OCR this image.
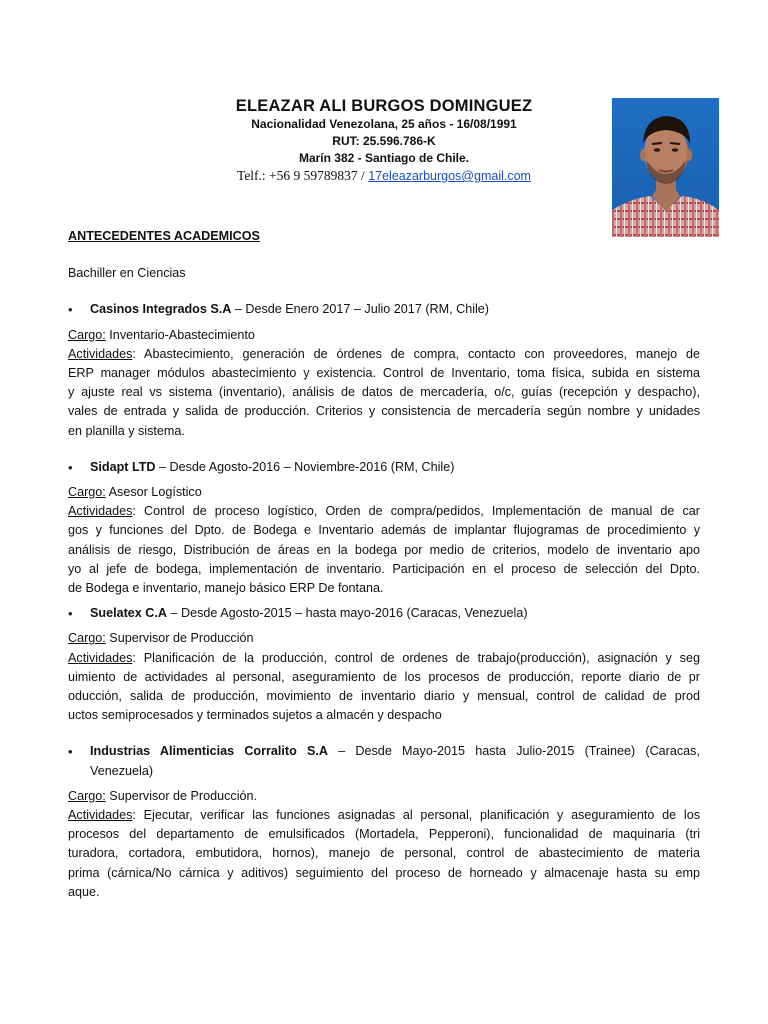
ELEAZAR ALI BURGOS DOMINGUEZ
Nacionalidad Venezolana, 25 años - 16/08/1991
RUT: 25.596.786-K
Marín 382 - Santiago de Chile.
Telf.: +56 9 59789837 / 17eleazarburgos@gmail.com
ANTECEDENTES ACADEMICOS
Bachiller en Ciencias
• Casinos Integrados S.A – Desde Enero 2017 – Julio 2017 (RM, Chile)
Cargo: Inventario-Abastecimiento
Actividades: Abastecimiento, generación de órdenes de compra, contacto con proveedores, manejo de
ERP manager módulos abastecimiento y existencia. Control de Inventario, toma física, subida en sistema
y ajuste real vs sistema (inventario), análisis de datos de mercadería, o/c, guías (recepción y despacho),
vales de entrada y salida de producción. Criterios y consistencia de mercadería según nombre y unidades
en planilla y sistema.
• Sidapt LTD – Desde Agosto-2016 – Noviembre-2016 (RM, Chile)
Cargo: Asesor Logístico
Actividades: Control de proceso logístico, Orden de compra/pedidos, Implementación de manual de car
gos y funciones del Dpto. de Bodega e Inventario además de implantar flujogramas de procedimiento y
análisis de riesgo, Distribución de áreas en la bodega por medio de criterios, modelo de inventario apo
yo al jefe de bodega, implementación de inventario. Participación en el proceso de selección del Dpto.
de Bodega e inventario, manejo básico ERP De fontana.
• Suelatex C.A – Desde Agosto-2015 – hasta mayo-2016 (Caracas, Venezuela)
Cargo: Supervisor de Producción
Actividades: Planificación de la producción, control de ordenes de trabajo(producción), asignación y seg
uimiento de actividades al personal, aseguramiento de los procesos de producción, reporte diario de pr
oducción, salida de producción, movimiento de inventario diario y mensual, control de calidad de prod
uctos semiprocesados y terminados sujetos a almacén y despacho
• Industrias Alimenticias Corralito S.A – Desde Mayo-2015 hasta Julio-2015 (Trainee) (Caracas,
Venezuela)
Cargo: Supervisor de Producción.
Actividades: Ejecutar, verificar las funciones asignadas al personal, planificación y aseguramiento de los
procesos del departamento de emulsificados (Mortadela, Pepperoni), funcionalidad de maquinaria (tri
turadora, cortadora, embutidora, hornos), manejo de personal, control de abastecimiento de materia
prima (cárnica/No cárnica y aditivos) seguimiento del proceso de horneado y almacenaje hasta su emp
aque.
